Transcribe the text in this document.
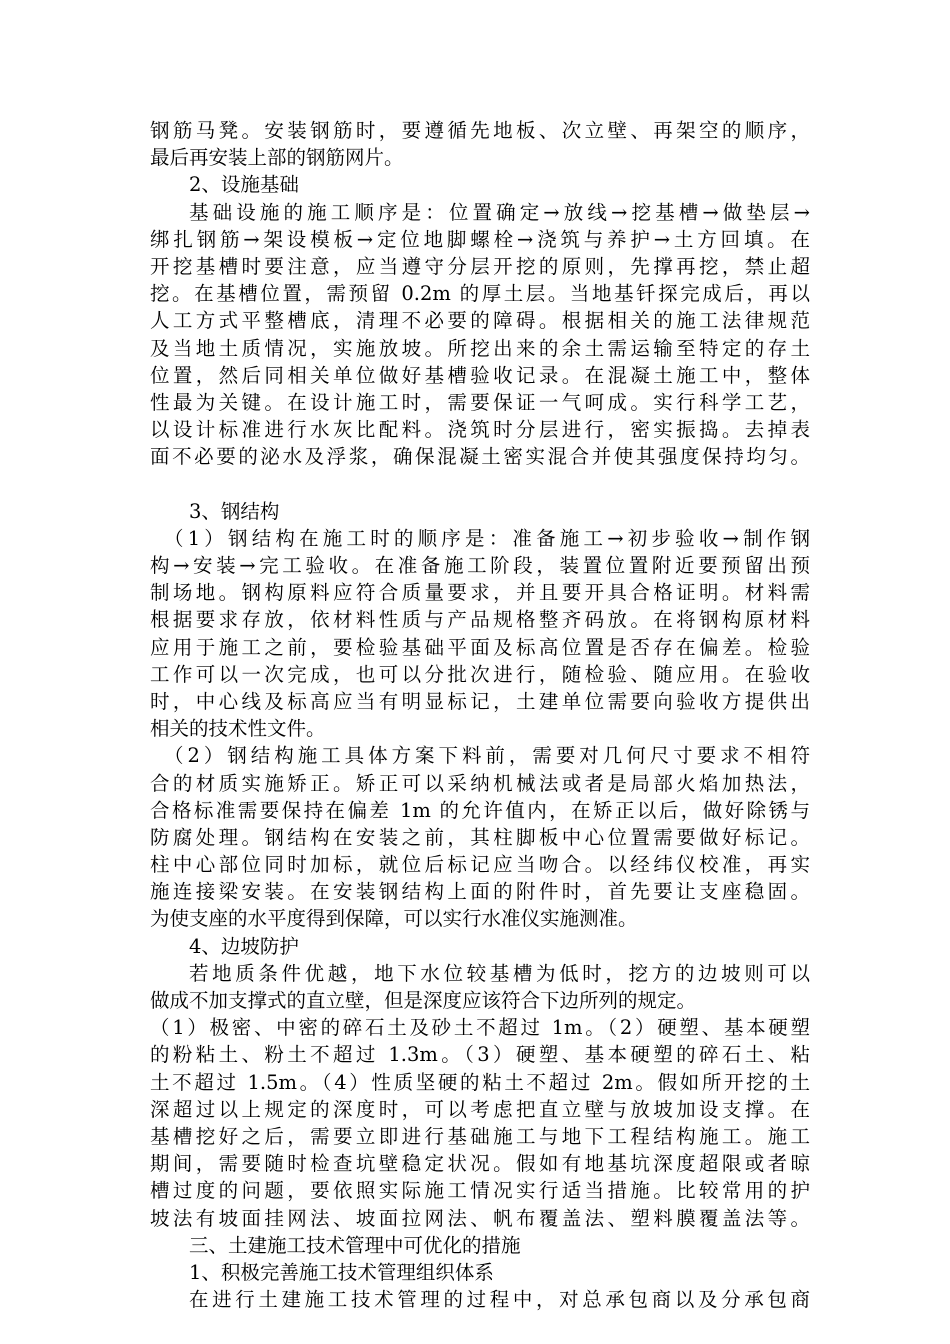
钢筋马凳。安装钢筋时，要遵循先地板、次立壁、再架空的顺序，
最后再安装上部的钢筋网片。
2、设施基础
基础设施的施工顺序是：位置确定→放线→挖基槽→做垫层→
绑扎钢筋→架设模板→定位地脚螺栓→浇筑与养护→土方回填。在
开挖基槽时要注意，应当遵守分层开挖的原则，先撑再挖，禁止超
挖。在基槽位置，需预留 0.2m 的厚土层。当地基钎探完成后，再以
人工方式平整槽底，清理不必要的障碍。根据相关的施工法律规范
及当地土质情况，实施放坡。所挖出来的余土需运输至特定的存土
位置，然后同相关单位做好基槽验收记录。在混凝土施工中，整体
性最为关键。在设计施工时，需要保证一气呵成。实行科学工艺，
以设计标准进行水灰比配料。浇筑时分层进行，密实振捣。去掉表
面不必要的泌水及浮浆，确保混凝土密实混合并使其强度保持均匀。
3、钢结构
（1）钢结构在施工时的顺序是：准备施工→初步验收→制作钢
构→安装→完工验收。在准备施工阶段，装置位置附近要预留出预
制场地。钢构原料应符合质量要求，并且要开具合格证明。材料需
根据要求存放，依材料性质与产品规格整齐码放。在将钢构原材料
应用于施工之前，要检验基础平面及标高位置是否存在偏差。检验
工作可以一次完成，也可以分批次进行，随检验、随应用。在验收
时，中心线及标高应当有明显标记，土建单位需要向验收方提供出
相关的技术性文件。
（2）钢结构施工具体方案下料前，需要对几何尺寸要求不相符
合的材质实施矫正。矫正可以采纳机械法或者是局部火焰加热法，
合格标准需要保持在偏差 1m 的允许值内，在矫正以后，做好除锈与
防腐处理。钢结构在安装之前，其柱脚板中心位置需要做好标记。
柱中心部位同时加标，就位后标记应当吻合。以经纬仪校准，再实
施连接梁安装。在安装钢结构上面的附件时，首先要让支座稳固。
为使支座的水平度得到保障，可以实行水准仪实施测准。
4、边坡防护
若地质条件优越，地下水位较基槽为低时，挖方的边坡则可以
做成不加支撑式的直立壁，但是深度应该符合下边所列的规定。
（1）极密、中密的碎石土及砂土不超过 1m。（2）硬塑、基本硬塑
的粉粘土、粉土不超过 1.3m。（3）硬塑、基本硬塑的碎石土、粘
土不超过 1.5m。（4）性质坚硬的粘土不超过 2m。假如所开挖的土
深超过以上规定的深度时，可以考虑把直立壁与放坡加设支撑。在
基槽挖好之后，需要立即进行基础施工与地下工程结构施工。施工
期间，需要随时检查坑壁稳定状况。假如有地基坑深度超限或者晾
槽过度的问题，要依照实际施工情况实行适当措施。比较常用的护
坡法有坡面挂网法、坡面拉网法、帆布覆盖法、塑料膜覆盖法等。
三、土建施工技术管理中可优化的措施
1、积极完善施工技术管理组织体系
在进行土建施工技术管理的过程中，对总承包商以及分承包商
